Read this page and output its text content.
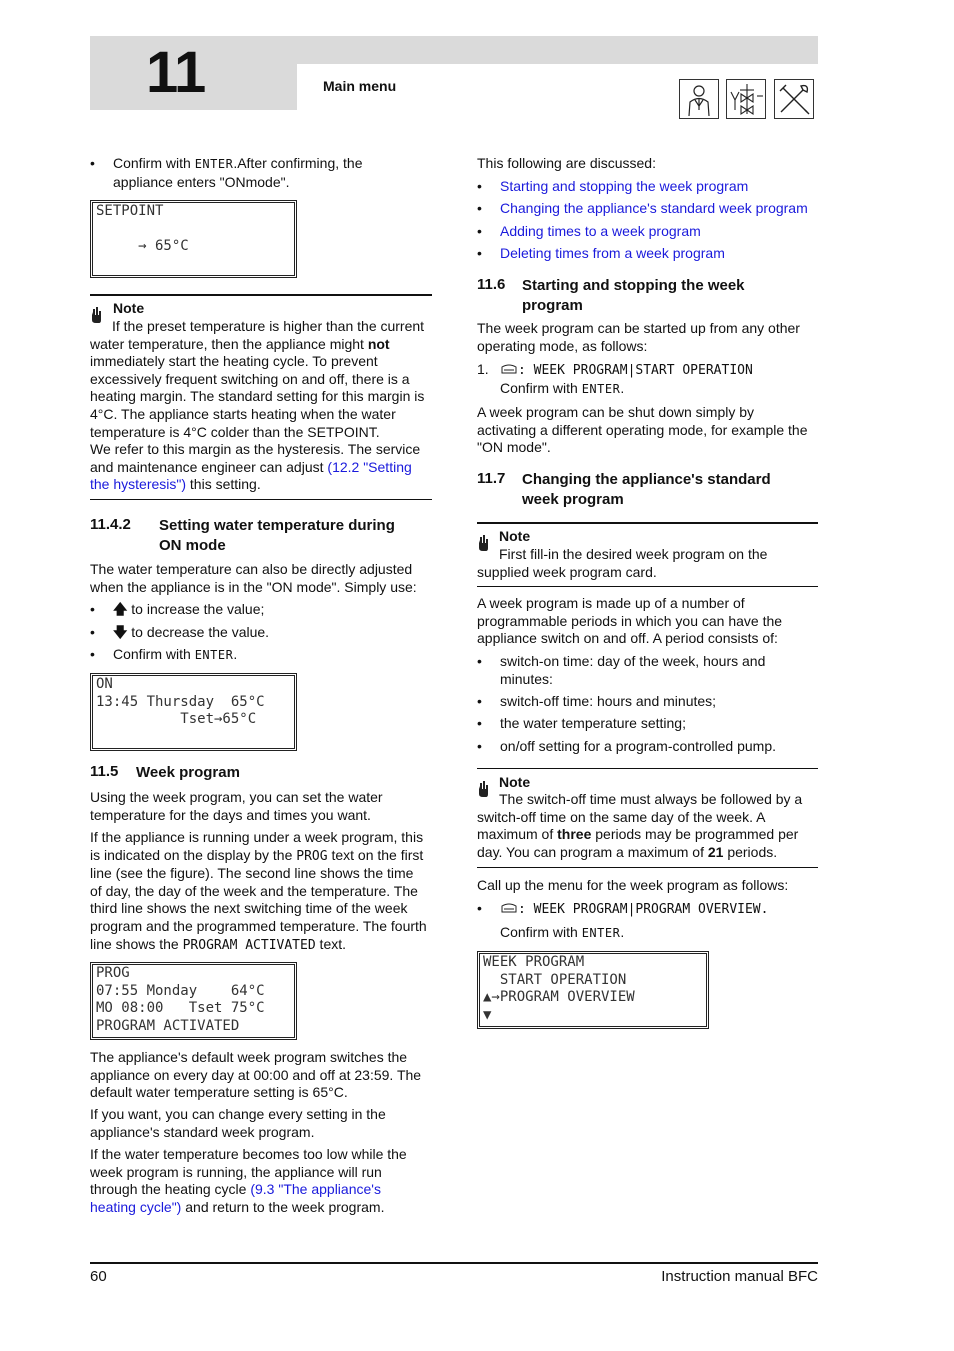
11	Main menu
• Confirm with ENTER.After confirming, the
appliance enters "ONmode".
SETPOINT

→ 65°C
Note
If the preset temperature is higher than the current
water temperature, then the appliance might not
immediately start the heating cycle. To prevent
excessively frequent switching on and off, there is a
heating margin. The standard setting for this margin is
4°C. The appliance starts heating when the water
temperature is 4°C colder than the SETPOINT.
We refer to this margin as the hysteresis. The service
and maintenance engineer can adjust (12.2 "Setting
the hysteresis") this setting.
11.4.2 Setting water temperature during
ON mode
The water temperature can also be directly adjusted
when the appliance is in the "ON mode". Simply use:
• 🡅 to increase the value;
• 🡇 to decrease the value.
• Confirm with ENTER.
ON
13:45 Thursday  65°C
Tset→65°C
11.5 Week program
Using the week program, you can set the water
temperature for the days and times you want.
If the appliance is running under a week program, this
is indicated on the display by the PROG text on the first
line (see the figure). The second line shows the time
of day, the day of the week and the temperature. The
third line shows the next switching time of the week
program and the programmed temperature. The fourth
line shows the PROGRAM ACTIVATED text.
PROG
07:55 Monday    64°C
MO 08:00   Tset 75°C
PROGRAM ACTIVATED
The appliance's default week program switches the
appliance on every day at 00:00 and off at 23:59. The
default water temperature setting is 65°C.
If you want, you can change every setting in the
appliance's standard week program.
If the water temperature becomes too low while the
week program is running, the appliance will run
through the heating cycle (9.3 "The appliance's
heating cycle") and return to the week program.
This following are discussed:
• Starting and stopping the week program
• Changing the appliance's standard week program
• Adding times to a week program
• Deleting times from a week program
11.6 Starting and stopping the week
program
The week program can be started up from any other
operating mode, as follows:
1.	: WEEK PROGRAM|START OPERATION
Confirm with ENTER.
A week program can be shut down simply by
activating a different operating mode, for example the
"ON mode".
11.7 Changing the appliance's standard
week program
Note
First fill-in the desired week program on the
supplied week program card.
A week program is made up of a number of
programmable periods in which you can have the
appliance switch on and off. A period consists of:
• switch-on time: day of the week, hours and
minutes:
• switch-off time: hours and minutes;
• the water temperature setting;
• on/off setting for a program-controlled pump.
Note
The switch-off time must always be followed by a
switch-off time on the same day of the week. A
maximum of three periods may be programmed per
day. You can program a maximum of 21 periods.
Call up the menu for the week program as follows:
•	: WEEK PROGRAM|PROGRAM OVERVIEW.
Confirm with ENTER.
WEEK PROGRAM
START OPERATION
▲→PROGRAM OVERVIEW
▼
60	Instruction manual BFC
